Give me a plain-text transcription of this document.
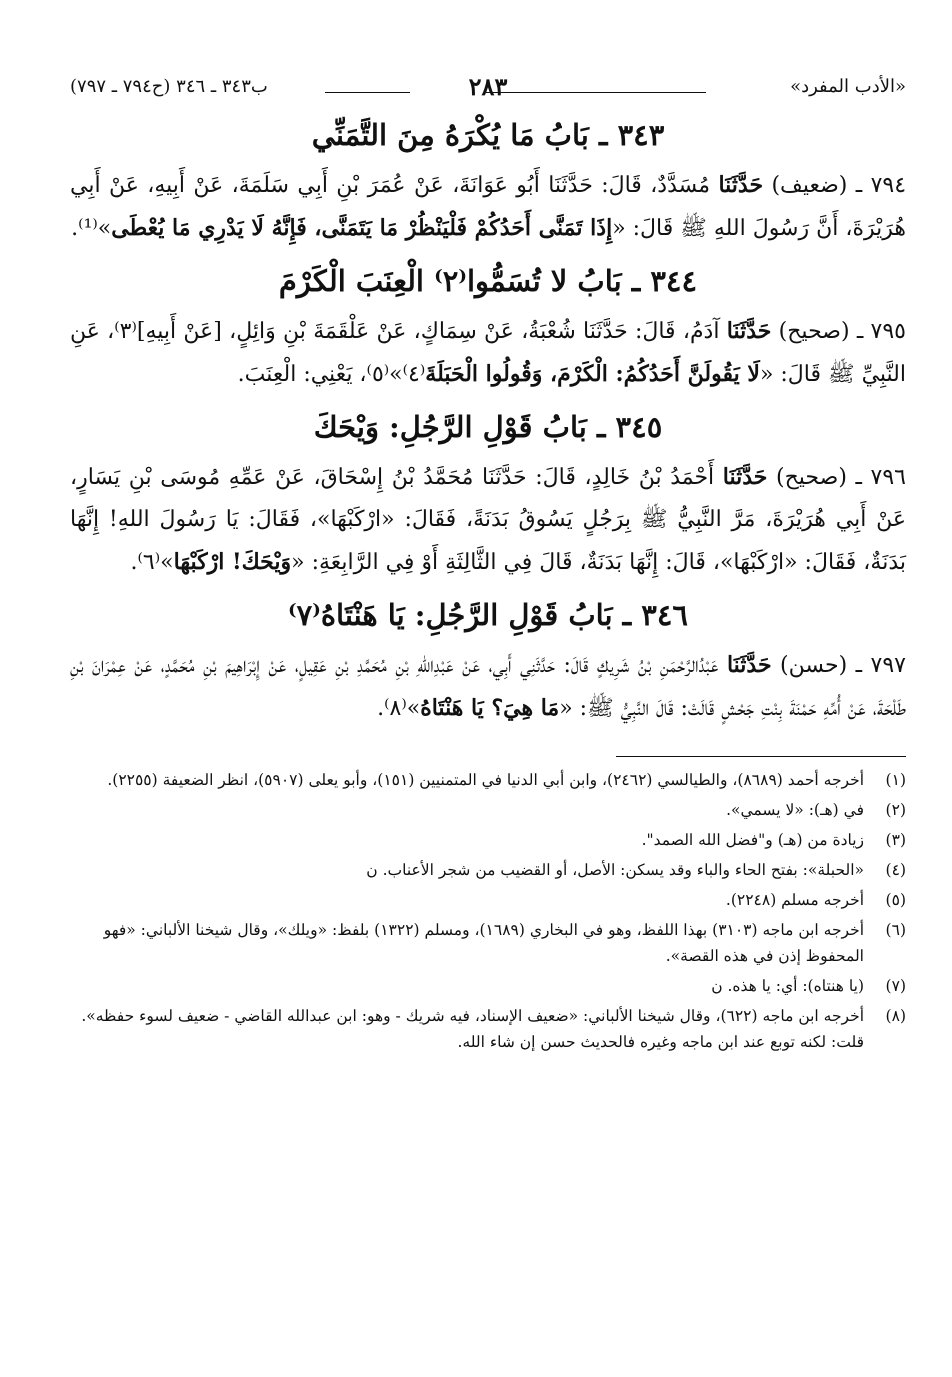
«الأدب المفرد»
٢٨٣
ب٣٤٣ ـ ٣٤٦ (ح٧٩٤ ـ ٧٩٧)
٣٤٣ ـ بَابُ مَا يُكْرَهُ مِنَ التَّمَنِّي

٧٩٤ ـ (ضعيف) حَدَّثَنَا مُسَدَّدٌ، قَالَ: حَدَّثَنَا أَبُو عَوَانَةَ، عَنْ عُمَرَ بْنِ أَبِي سَلَمَةَ، عَنْ أَبِيهِ، عَنْ أَبِي هُرَيْرَةَ، أَنَّ رَسُولَ اللهِ ﷺ قَالَ: «إِذَا تَمَنَّى أَحَدُكُمْ فَلْيَنْظُرْ مَا يَتَمَنَّى، فَإِنَّهُ لَا يَدْرِي مَا يُعْطَى»⁽¹⁾.

٣٤٤ ـ بَابُ لا تُسَمُّوا⁽٢⁾ الْعِنَبَ الْكَرْمَ

٧٩٥ ـ (صحيح) حَدَّثَنَا آدَمُ، قَالَ: حَدَّثَنَا شُعْبَةُ، عَنْ سِمَاكٍ، عَنْ عَلْقَمَةَ بْنِ وَائِلٍ، [عَنْ أَبِيهِ]⁽٣⁾، عَنِ النَّبِيِّ ﷺ قَالَ: «لَا يَقُولَنَّ أَحَدُكُمُ: الْكَرْمَ، وَقُولُوا الْحَبَلَةَ⁽٤⁾»⁽٥⁾، يَعْنِي: الْعِنَبَ.

٣٤٥ ـ بَابُ قَوْلِ الرَّجُلِ: وَيْحَكَ

٧٩٦ ـ (صحيح) حَدَّثَنَا أَحْمَدُ بْنُ خَالِدٍ، قَالَ: حَدَّثَنَا مُحَمَّدُ بْنُ إِسْحَاقَ، عَنْ عَمِّهِ مُوسَى بْنِ يَسَارٍ، عَنْ أَبِي هُرَيْرَةَ، مَرَّ النَّبِيُّ ﷺ بِرَجُلٍ يَسُوقُ بَدَنَةً، فَقَالَ: «ارْكَبْهَا»، فَقَالَ: يَا رَسُولَ اللهِ! إِنَّهَا بَدَنَةٌ، فَقَالَ: «ارْكَبْهَا»، قَالَ: إِنَّهَا بَدَنَةٌ، قَالَ فِي الثَّالِثَةِ أَوْ فِي الرَّابِعَةِ: «وَيْحَكَ! ارْكَبْهَا»⁽٦⁾.

٣٤٦ ـ بَابُ قَوْلِ الرَّجُلِ: يَا هَنْتَاهُ⁽٧⁾

٧٩٧ ـ (حسن) حَدَّثَنَا عَبْدُالرَّحْمَنِ بْنُ شَرِيكٍ قَالَ: حَدَّثَنِي أَبِي، عَنْ عَبْدِاللهِ بْنِ مُحَمَّدِ بْنِ عَقِيلٍ، عَنْ إِبْرَاهِيمَ بْنِ مُحَمَّدٍ، عَنْ عِمْرَانَ بْنِ طَلْحَةَ، عَنْ أُمِّهِ حَمْنَةَ بِنْتِ جَحْشٍ قَالَتْ: قَالَ النَّبِيُّ ﷺ: «مَا هِيَ؟ يَا هَنْتَاهُ»⁽٨⁾.

(١)
أخرجه أحمد (٨٦٨٩)، والطيالسي (٢٤٦٢)، وابن أبي الدنيا في المتمنيين (١٥١)، وأبو يعلى (٥٩٠٧)، انظر الضعيفة (٢٢٥٥).
(٢)
في (هـ): «لا يسمي».
(٣)
زيادة من (هـ) و"فضل الله الصمد".
(٤)
«الحبلة»: بفتح الحاء والباء وقد يسكن: الأصل، أو القضيب من شجر الأعناب. ن
(٥)
أخرجه مسلم (٢٢٤٨).
(٦)
أخرجه ابن ماجه (٣١٠٣) بهذا اللفظ، وهو في البخاري (١٦٨٩)، ومسلم (١٣٢٢) بلفظ: «ويلك»، وقال شيخنا الألباني: «فهو المحفوظ إذن في هذه القصة».
(٧)
(يا هنتاه): أي: يا هذه. ن
(٨)
أخرجه ابن ماجه (٦٢٢)، وقال شيخنا الألباني: «ضعيف الإسناد، فيه شريك - وهو: ابن عبدالله القاضي - ضعيف لسوء حفظه». قلت: لكنه توبع عند ابن ماجه وغيره فالحديث حسن إن شاء الله.
